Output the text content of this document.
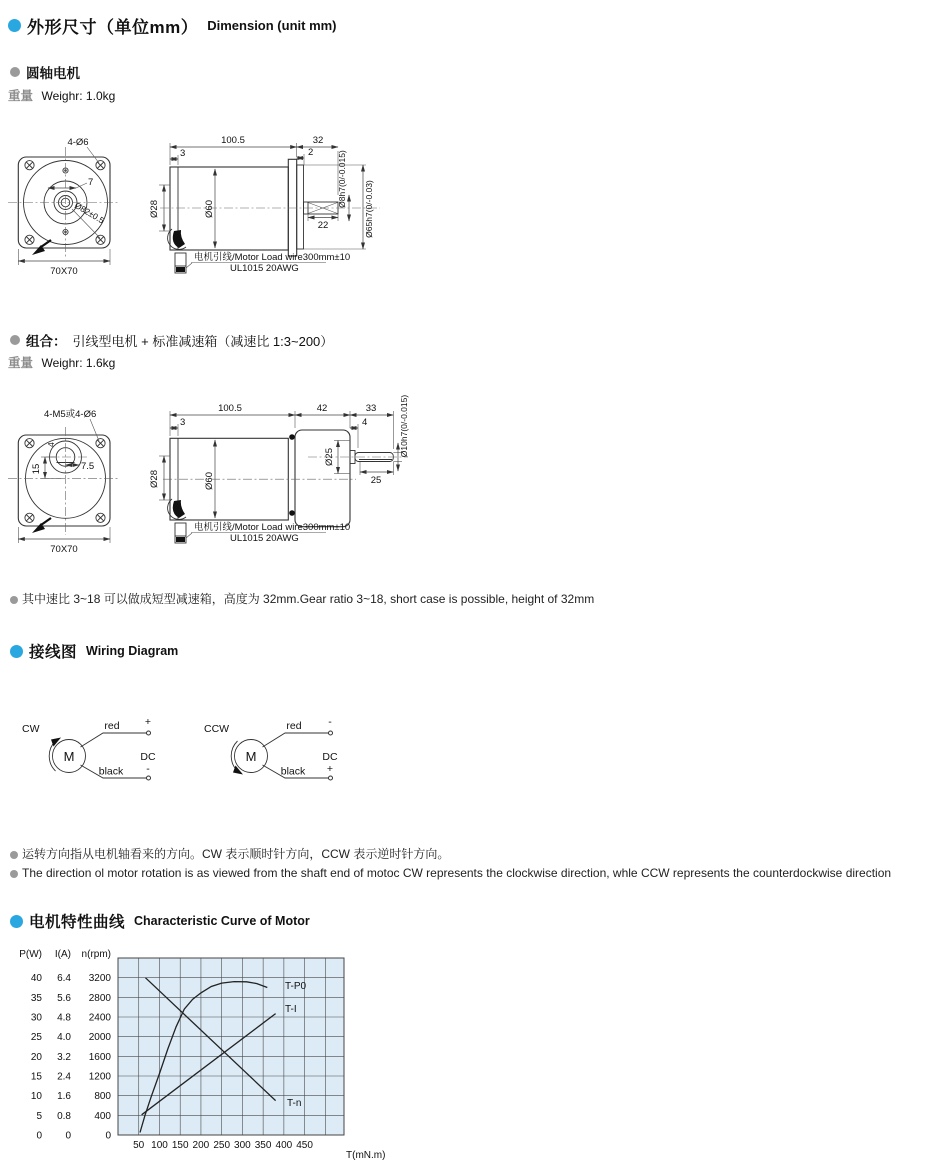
外形尺寸（单位mm） Dimension (unit mm)
圆轴电机
重量 Weighr: 1.0kg
4-Ø6
7
Ø82±0.5
70X70
100.5	32
3	2
Ø60
Ø28
22
Ø8h7(0/-0.015)
Ø65h7(0/-0.03)
电机引线/Motor Load wire300mm±10
UL1015 20AWG
组合： 引线型电机 + 标准减速箱（减速比 1:3~200）
重量 Weighr: 1.6kg
4
15	7.5
4-M5或4-Ø6
70X70
100.5	42	33
4
3
Ø60
Ø28
Ø25
25
Ø10h7(0/-0.015)
电机引线/Motor Load wire300mm±10
UL1015 20AWG
其中速比 3~18 可以做成短型减速箱，高度为 32mm.Gear ratio 3~18, short case is possible, height of 32mm
接线图 Wiring Diagram
CW
M
red
black
+
-
DC
CCW
M
red
black
-
+
DC
运转方向指从电机轴看来的方向。CW 表示顺时针方向，CCW 表示逆时针方向。
The direction ol motor rotation is as viewed from the shaft end of motoc CW represents the clockwise direction, whle CCW represents the counterdockwise direction
电机特性曲线 Characteristic Curve of Motor
T-P0
T-I
T-n
T(mN.m)
P(W)
40
35
30
25
20
15
10
5
0
I(A)
6.4
5.6
4.8
4.0
3.2
2.4
1.6
0.8
0
n(rpm)
3200
2800
2400
2000
1600
1200
800
400
0
50 100 150 200 250 300 350 400 450
